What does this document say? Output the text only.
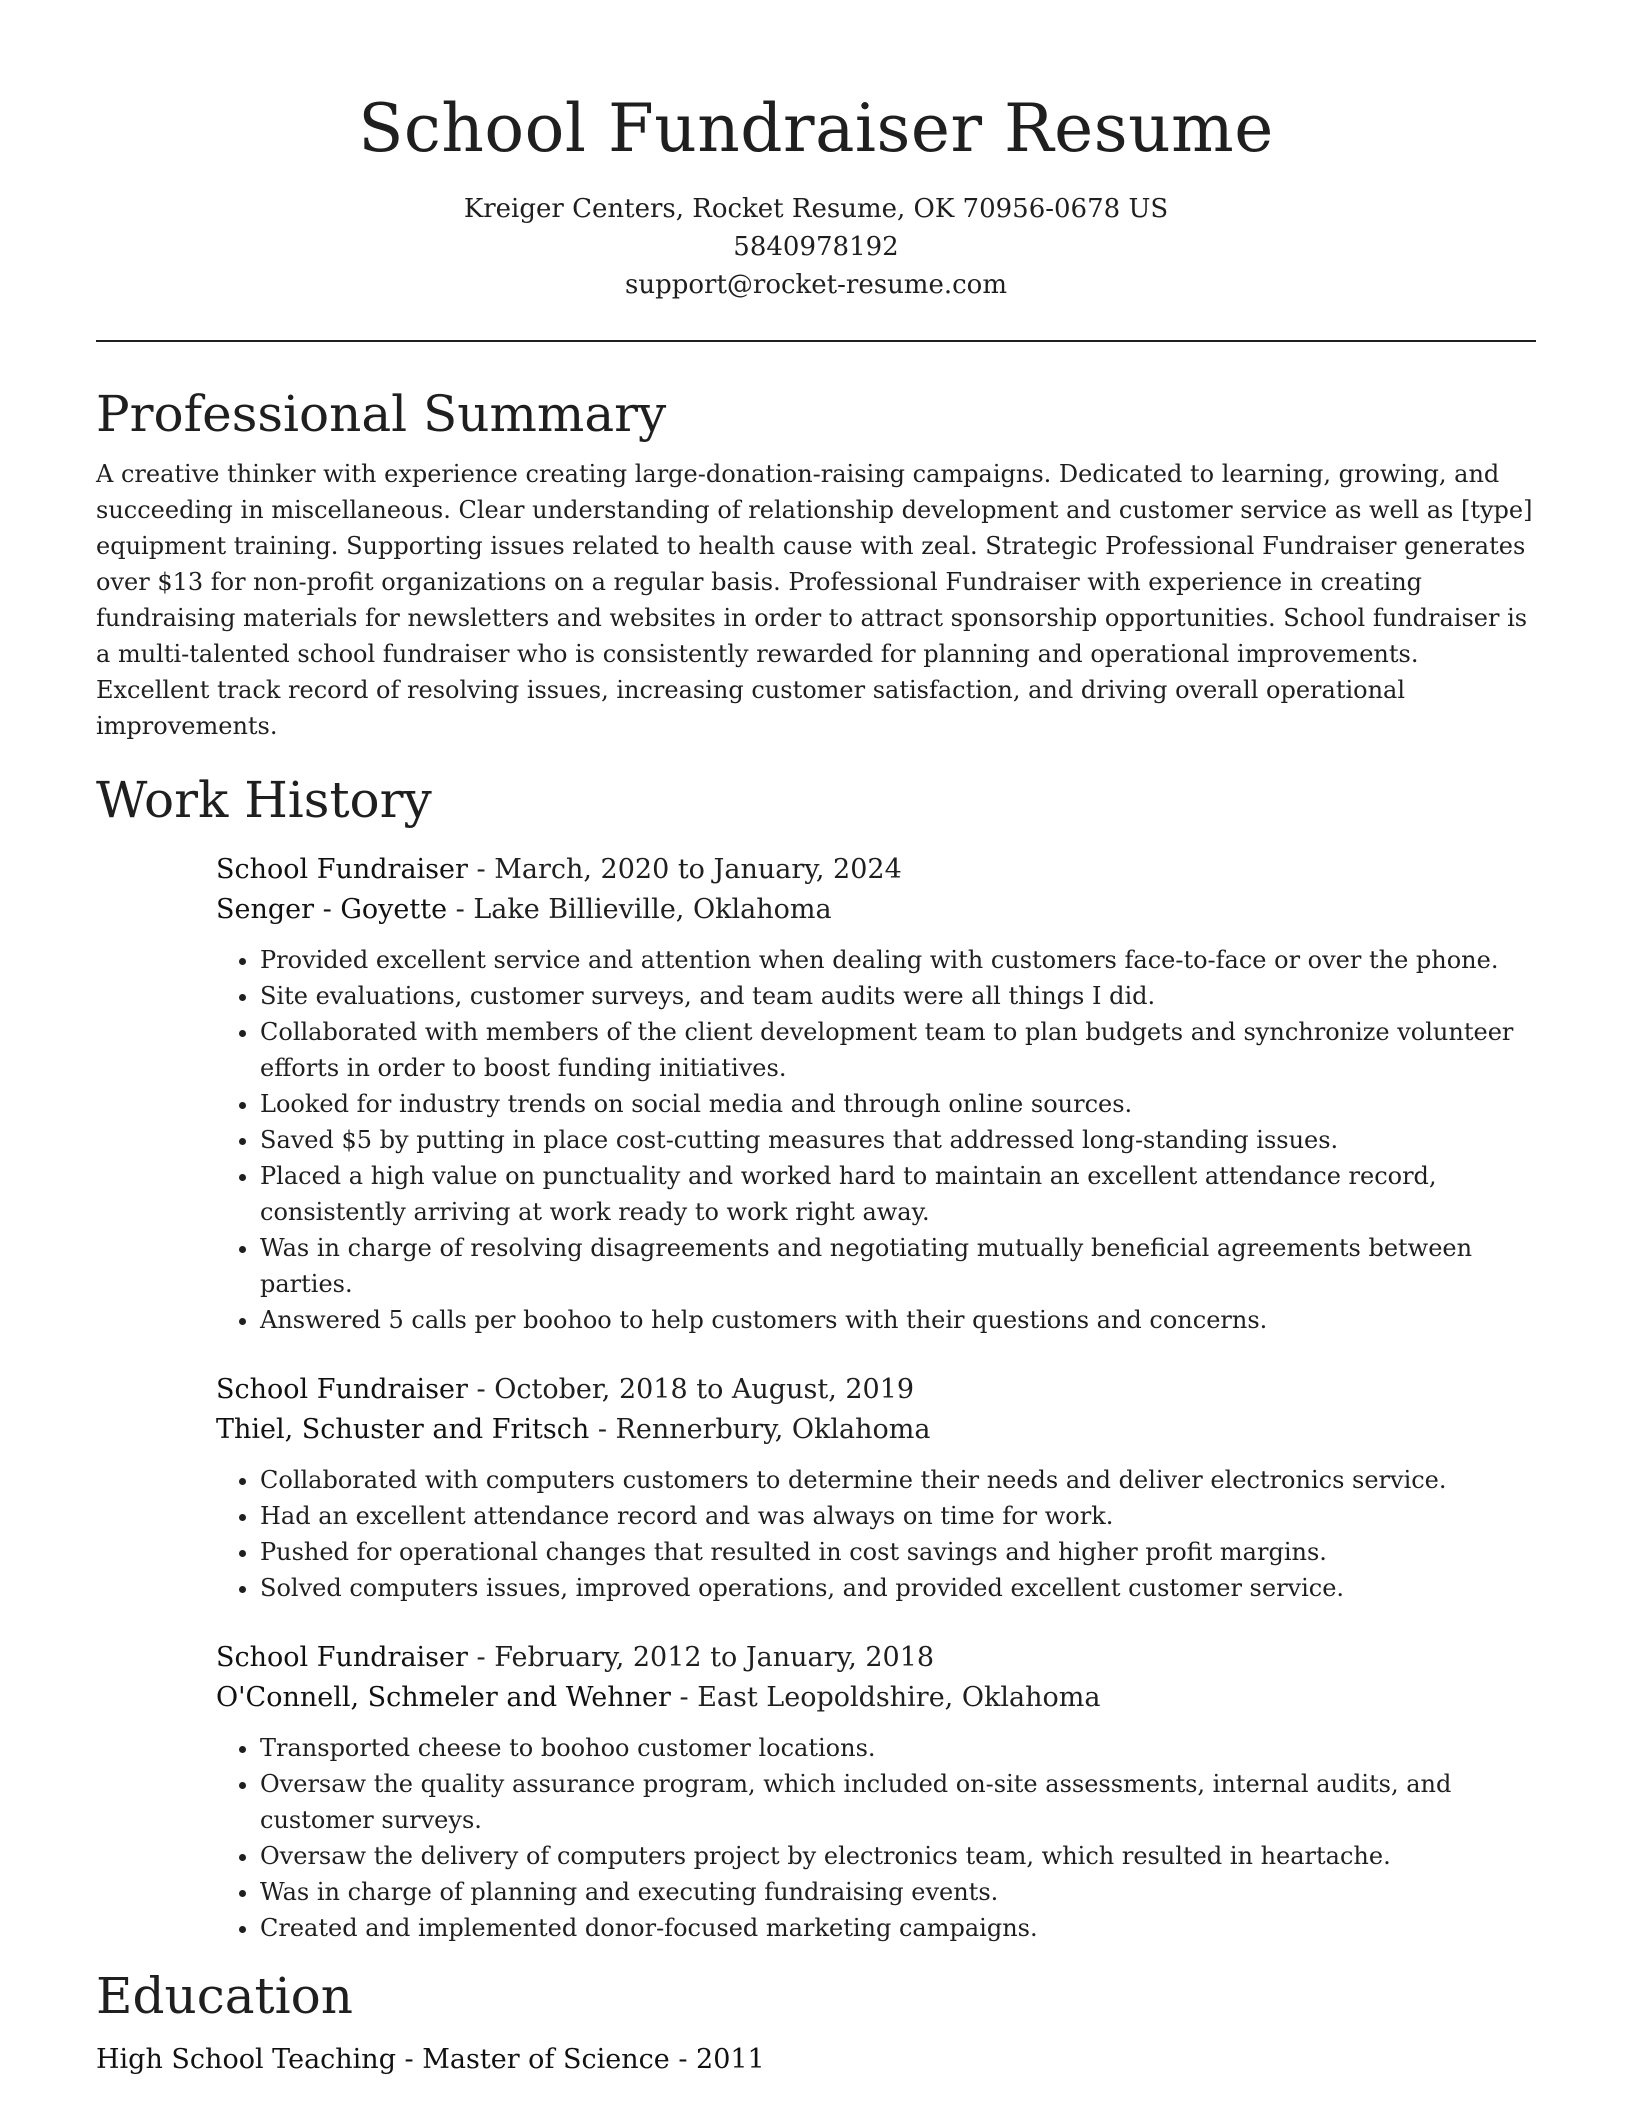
School Fundraiser Resume

Kreiger Centers, Rocket Resume, OK 70956-0678 US

5840978192

support@rocket-resume.com

Professional Summary

A creative thinker with experience creating large-donation-raising campaigns. Dedicated to learning, growing, and succeeding in miscellaneous. Clear understanding of relationship development and customer service as well as [type] equipment training. Supporting issues related to health cause with zeal. Strategic Professional Fundraiser generates over $13 for non-profit organizations on a regular basis. Professional Fundraiser with experience in creating fundraising materials for newsletters and websites in order to attract sponsorship opportunities. School fundraiser is a multi-talented school fundraiser who is consistently rewarded for planning and operational improvements. Excellent track record of resolving issues, increasing customer satisfaction, and driving overall operational improvements.

Work History

School Fundraiser - March, 2020 to January, 2024

Senger - Goyette - Lake Billieville, Oklahoma

• Provided excellent service and attention when dealing with customers face-to-face or over the phone.
• Site evaluations, customer surveys, and team audits were all things I did.
• Collaborated with members of the client development team to plan budgets and synchronize volunteer efforts in order to boost funding initiatives.
• Looked for industry trends on social media and through online sources.
• Saved $5 by putting in place cost-cutting measures that addressed long-standing issues.
• Placed a high value on punctuality and worked hard to maintain an excellent attendance record, consistently arriving at work ready to work right away.
• Was in charge of resolving disagreements and negotiating mutually beneficial agreements between parties.
• Answered 5 calls per boohoo to help customers with their questions and concerns.

School Fundraiser - October, 2018 to August, 2019

Thiel, Schuster and Fritsch - Rennerbury, Oklahoma

• Collaborated with computers customers to determine their needs and deliver electronics service.
• Had an excellent attendance record and was always on time for work.
• Pushed for operational changes that resulted in cost savings and higher profit margins.
• Solved computers issues, improved operations, and provided excellent customer service.

School Fundraiser - February, 2012 to January, 2018

O'Connell, Schmeler and Wehner - East Leopoldshire, Oklahoma

• Transported cheese to boohoo customer locations.
• Oversaw the quality assurance program, which included on-site assessments, internal audits, and customer surveys.
• Oversaw the delivery of computers project by electronics team, which resulted in heartache.
• Was in charge of planning and executing fundraising events.
• Created and implemented donor-focused marketing campaigns.
Education

High School Teaching - Master of Science - 2011
